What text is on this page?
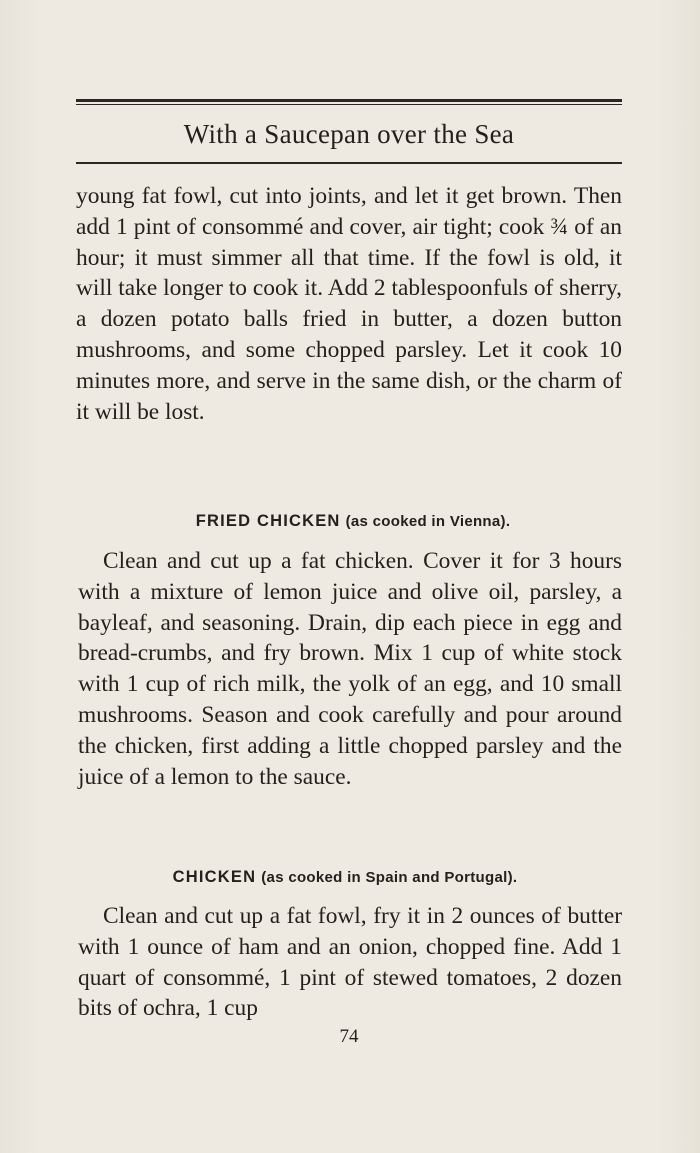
With a Saucepan over the Sea
young fat fowl, cut into joints, and let it get brown. Then add 1 pint of consommé and cover, air tight; cook ¾ of an hour; it must simmer all that time. If the fowl is old, it will take longer to cook it. Add 2 tablespoonfuls of sherry, a dozen potato balls fried in butter, a dozen button mushrooms, and some chopped parsley. Let it cook 10 minutes more, and serve in the same dish, or the charm of it will be lost.
FRIED CHICKEN (as cooked in Vienna).
Clean and cut up a fat chicken. Cover it for 3 hours with a mixture of lemon juice and olive oil, parsley, a bayleaf, and seasoning. Drain, dip each piece in egg and bread-crumbs, and fry brown. Mix 1 cup of white stock with 1 cup of rich milk, the yolk of an egg, and 10 small mushrooms. Season and cook carefully and pour around the chicken, first adding a little chopped parsley and the juice of a lemon to the sauce.
CHICKEN (as cooked in Spain and Portugal).
Clean and cut up a fat fowl, fry it in 2 ounces of butter with 1 ounce of ham and an onion, chopped fine. Add 1 quart of consommé, 1 pint of stewed tomatoes, 2 dozen bits of ochra, 1 cup
74
